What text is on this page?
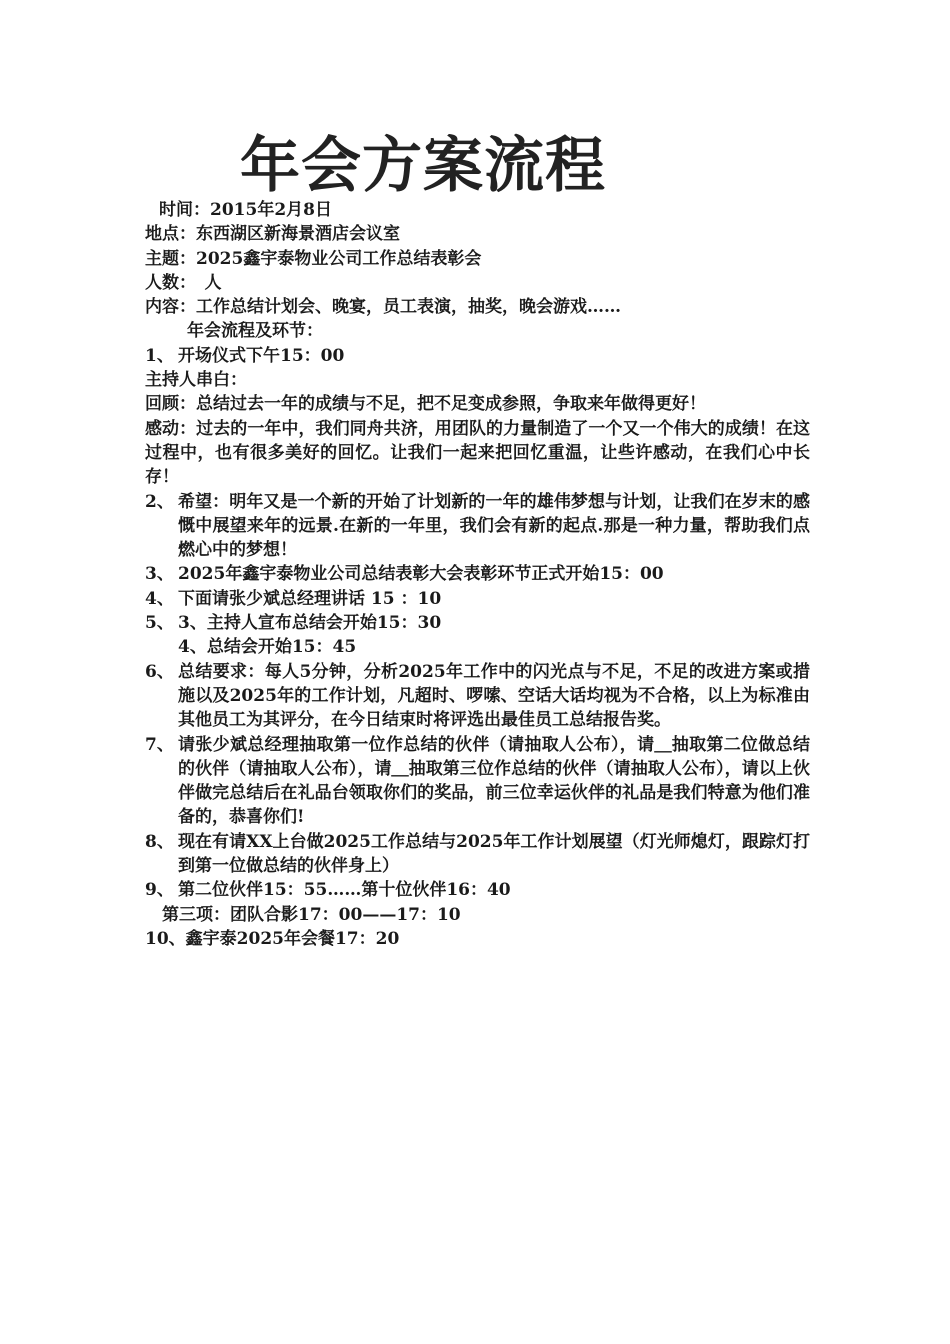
年会方案流程
时间：2015年2月8日
地点：东西湖区新海景酒店会议室
主题：2025鑫宇泰物业公司工作总结表彰会
人数：　人
内容：工作总结计划会、晚宴，员工表演，抽奖，晚会游戏……
年会流程及环节：
1、 开场仪式下午15：00
主持人串白：
回顾：总结过去一年的成绩与不足，把不足变成参照，争取来年做得更好！
感动：过去的一年中，我们同舟共济，用团队的力量制造了一个又一个伟大的成绩！在这过程中，也有很多美好的回忆。让我们一起来把回忆重温，让些许感动，在我们心中长存！
2、 希望：明年又是一个新的开始了计划新的一年的雄伟梦想与计划，让我们在岁末的感慨中展望来年的远景.在新的一年里，我们会有新的起点.那是一种力量，帮助我们点燃心中的梦想！
3、 2025年鑫宇泰物业公司总结表彰大会表彰环节正式开始15：00
4、 下面请张少斌总经理讲话 15 ：10
5、 3、主持人宣布总结会开始15：30
4、总结会开始15：45
6、 总结要求：每人5分钟，分析2025年工作中的闪光点与不足，不足的改进方案或措施以及2025年的工作计划，凡超时、啰嗦、空话大话均视为不合格，以上为标准由其他员工为其评分，在今日结束时将评选出最佳员工总结报告奖。
7、 请张少斌总经理抽取第一位作总结的伙伴（请抽取人公布），请＿抽取第二位做总结的伙伴（请抽取人公布），请＿抽取第三位作总结的伙伴（请抽取人公布），请以上伙伴做完总结后在礼品台领取你们的奖品，前三位幸运伙伴的礼品是我们特意为他们准备的，恭喜你们!
8、 现在有请XX上台做2025工作总结与2025年工作计划展望（灯光师熄灯，跟踪灯打到第一位做总结的伙伴身上）
9、 第二位伙伴15：55……第十位伙伴16：40
第三项：团队合影17：00——17：10
10、鑫宇泰2025年会餐17：20
